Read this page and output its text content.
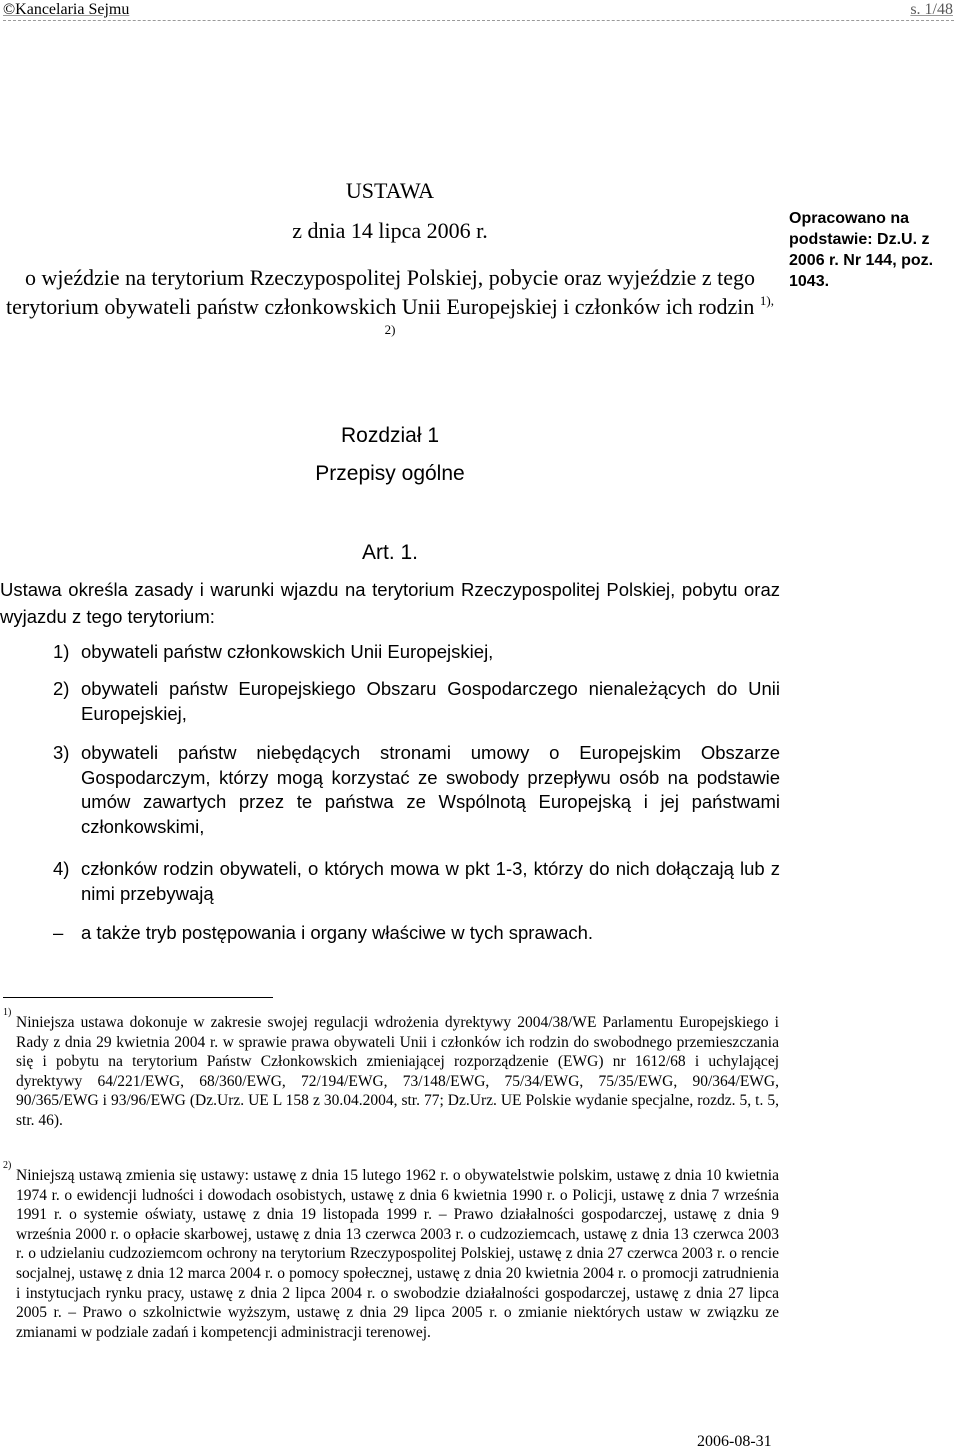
©Kancelaria Sejmu	s. 1/48
USTAWA
z dnia 14 lipca 2006 r.
o wjeździe na terytorium Rzeczypospolitej Polskiej, pobycie oraz wyjeździe z tego terytorium obywateli państw członkowskich Unii Europejskiej i członków ich rodzin $^{1), 2)}$
Opracowano na podstawie: Dz.U. z 2006 r. Nr 144, poz. 1043.
Rozdział 1
Przepisy ogólne
Art. 1.
Ustawa określa zasady i warunki wjazdu na terytorium Rzeczypospolitej Polskiej, pobytu oraz wyjazdu z tego terytorium:
1) obywateli państw członkowskich Unii Europejskiej,
2) obywateli państw Europejskiego Obszaru Gospodarczego nienależących do Unii Europejskiej,
3) obywateli państw niebędących stronami umowy o Europejskim Obszarze Gospodarczym, którzy mogą korzystać ze swobody przepływu osób na podstawie umów zawartych przez te państwa ze Wspólnotą Europejską i jej państwami członkowskimi,
4) członków rodzin obywateli, o których mowa w pkt 1-3, którzy do nich dołączają lub z nimi przebywają
– a także tryb postępowania i organy właściwe w tych sprawach.
1)
Niniejsza ustawa dokonuje w zakresie swojej regulacji wdrożenia dyrektywy 2004/38/WE Parlamentu Europejskiego i Rady z dnia 29 kwietnia 2004 r. w sprawie prawa obywateli Unii i członków ich rodzin do swobodnego przemieszczania się i pobytu na terytorium Państw Członkowskich zmieniającej rozporządzenie (EWG) nr 1612/68 i uchylającej dyrektywy 64/221/EWG, 68/360/EWG, 72/194/EWG, 73/148/EWG, 75/34/EWG, 75/35/EWG, 90/364/EWG, 90/365/EWG i 93/96/EWG (Dz.Urz. UE L 158 z 30.04.2004, str. 77; Dz.Urz. UE Polskie wydanie specjalne, rozdz. 5, t. 5, str. 46).
2)
Niniejszą ustawą zmienia się ustawy: ustawę z dnia 15 lutego 1962 r. o obywatelstwie polskim, ustawę z dnia 10 kwietnia 1974 r. o ewidencji ludności i dowodach osobistych, ustawę z dnia 6 kwietnia 1990 r. o Policji, ustawę z dnia 7 września 1991 r. o systemie oświaty, ustawę z dnia 19 listopada 1999 r. – Prawo działalności gospodarczej, ustawę z dnia 9 września 2000 r. o opłacie skarbowej, ustawę z dnia 13 czerwca 2003 r. o cudzoziemcach, ustawę z dnia 13 czerwca 2003 r. o udzielaniu cudzoziemcom ochrony na terytorium Rzeczypospolitej Polskiej, ustawę z dnia 27 czerwca 2003 r. o rencie socjalnej, ustawę z dnia 12 marca 2004 r. o pomocy społecznej, ustawę z dnia 20 kwietnia 2004 r. o promocji zatrudnienia i instytucjach rynku pracy, ustawę z dnia 2 lipca 2004 r. o swobodzie działalności gospodarczej, ustawę z dnia 27 lipca 2005 r. – Prawo o szkolnictwie wyższym, ustawę z dnia 29 lipca 2005 r. o zmianie niektórych ustaw w związku ze zmianami w podziale zadań i kompetencji administracji terenowej.
2006-08-31
